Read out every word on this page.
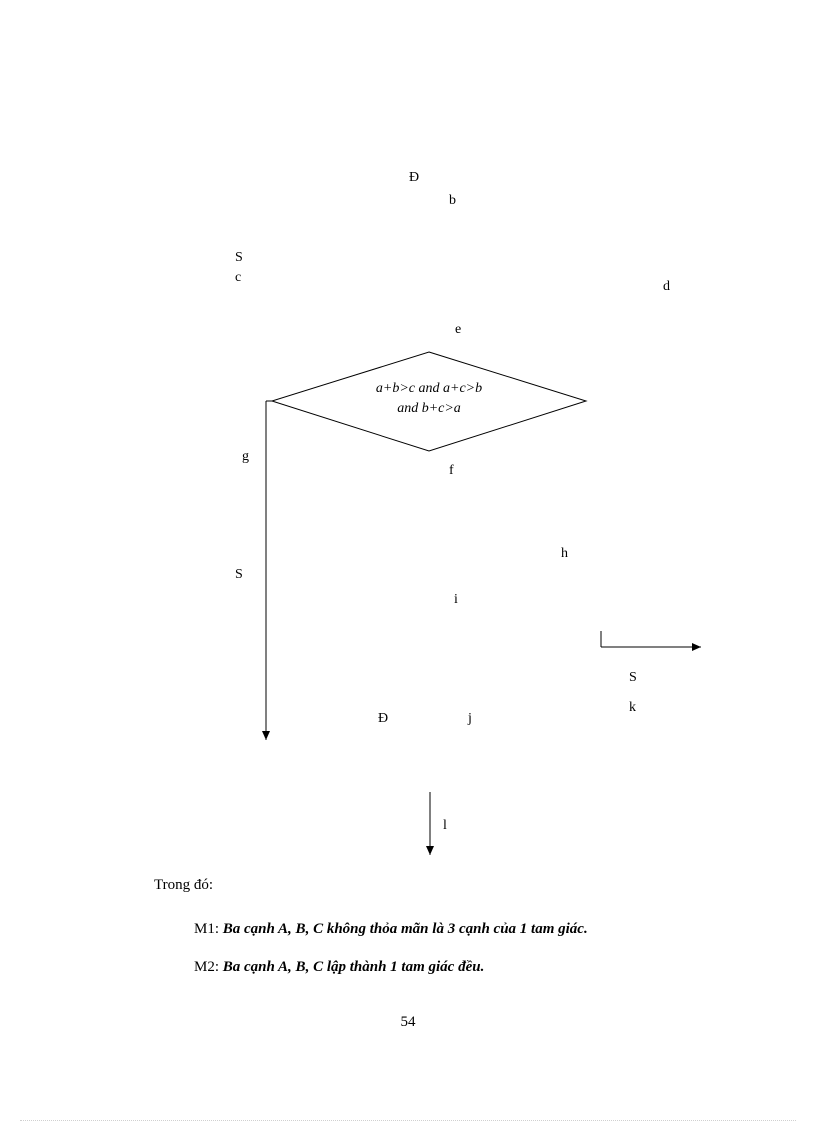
a+b>c and a+c>b
and b+c>a
Đ
b
S
c
d
e
g
f
h
S
i
S
k
Đ	j
l
Trong đó:
M1: Ba cạnh A, B, C không thỏa mãn là 3 cạnh của 1 tam giác.
M2: Ba cạnh A, B, C lập thành 1 tam giác đều.
54
